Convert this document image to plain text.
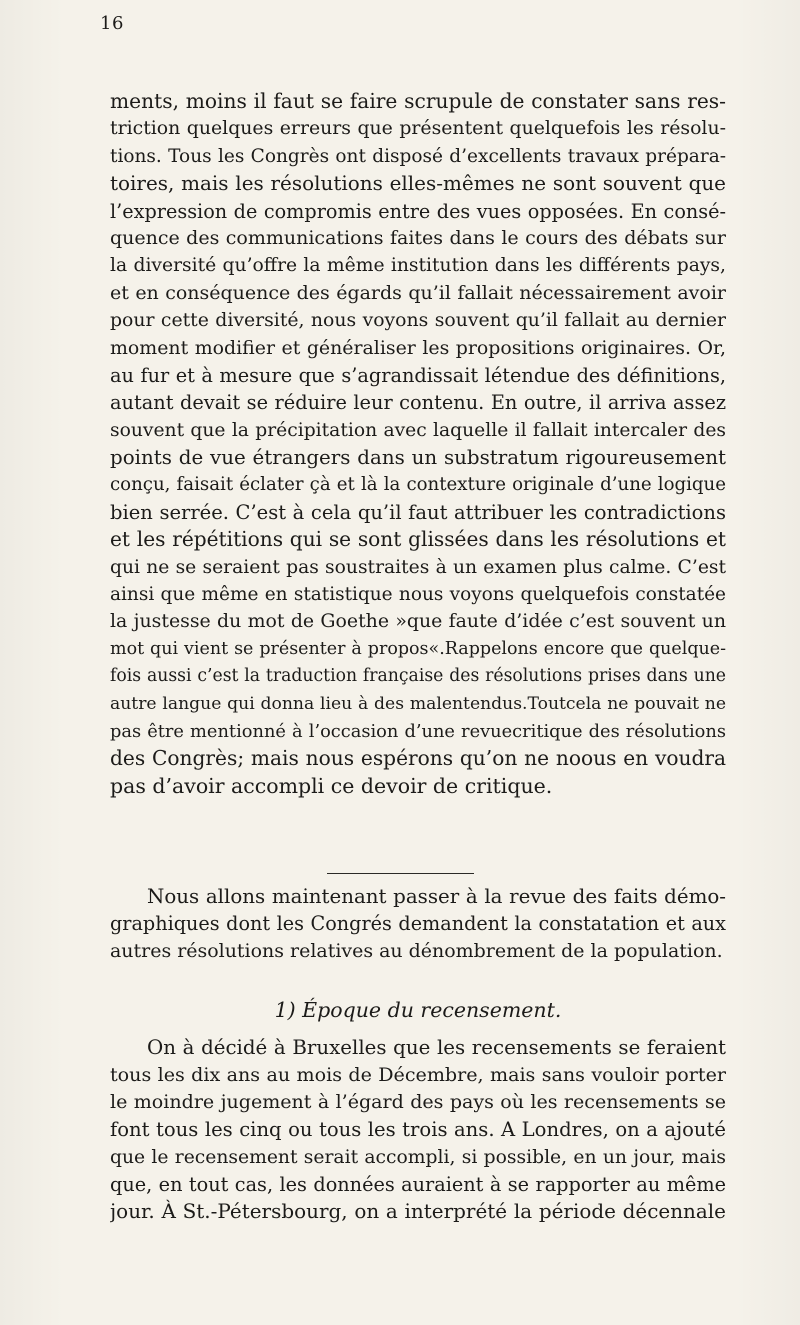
16
ments, moins il faut se faire scrupule de constater sans res-
triction quelques erreurs que présentent quelquefois les résolu-
tions. Tous les Congrès ont disposé d’excellents travaux prépara-
toires, mais les résolutions elles-mêmes ne sont souvent que
l’expression de compromis entre des vues opposées. En consé-
quence des communications faites dans le cours des débats sur
la diversité qu’offre la même institution dans les différents pays,
et en conséquence des égards qu’il fallait nécessairement avoir
pour cette diversité, nous voyons souvent qu’il fallait au dernier
moment modifier et généraliser les propositions originaires. Or,
au fur et à mesure que s’agrandissait létendue des définitions,
autant devait se réduire leur contenu. En outre, il arriva assez
souvent que la précipitation avec laquelle il fallait intercaler des
points de vue étrangers dans un substratum rigoureusement
conçu, faisait éclater çà et là la contexture originale d’une logique
bien serrée. C’est à cela qu’il faut attribuer les contradictions
et les répétitions qui se sont glissées dans les résolutions et
qui ne se seraient pas soustraites à un examen plus calme. C’est
ainsi que même en statistique nous voyons quelquefois constatée
la justesse du mot de Goethe »que faute d’idée c’est souvent un
mot qui vient se présenter à propos«.Rappelons encore que quelque-
fois aussi c’est la traduction française des résolutions prises dans une
autre langue qui donna lieu à des malentendus.Toutcela ne pouvait ne
pas être mentionné à l’occasion d’une revuecritique des résolutions
des Congrès; mais nous espérons qu’on ne noous en voudra
pas d’avoir accompli ce devoir de critique.
Nous allons maintenant passer à la revue des faits démo-
graphiques dont les Congrés demandent la constatation et aux
autres résolutions relatives au dénombrement de la population.
1) Époque du recensement.
On à décidé à Bruxelles que les recensements se feraient
tous les dix ans au mois de Décembre, mais sans vouloir porter
le moindre jugement à l’égard des pays où les recensements se
font tous les cinq ou tous les trois ans. A Londres, on a ajouté
que le recensement serait accompli, si possible, en un jour, mais
que, en tout cas, les données auraient à se rapporter au même
jour. À St.-Pétersbourg, on a interprété la période décennale
